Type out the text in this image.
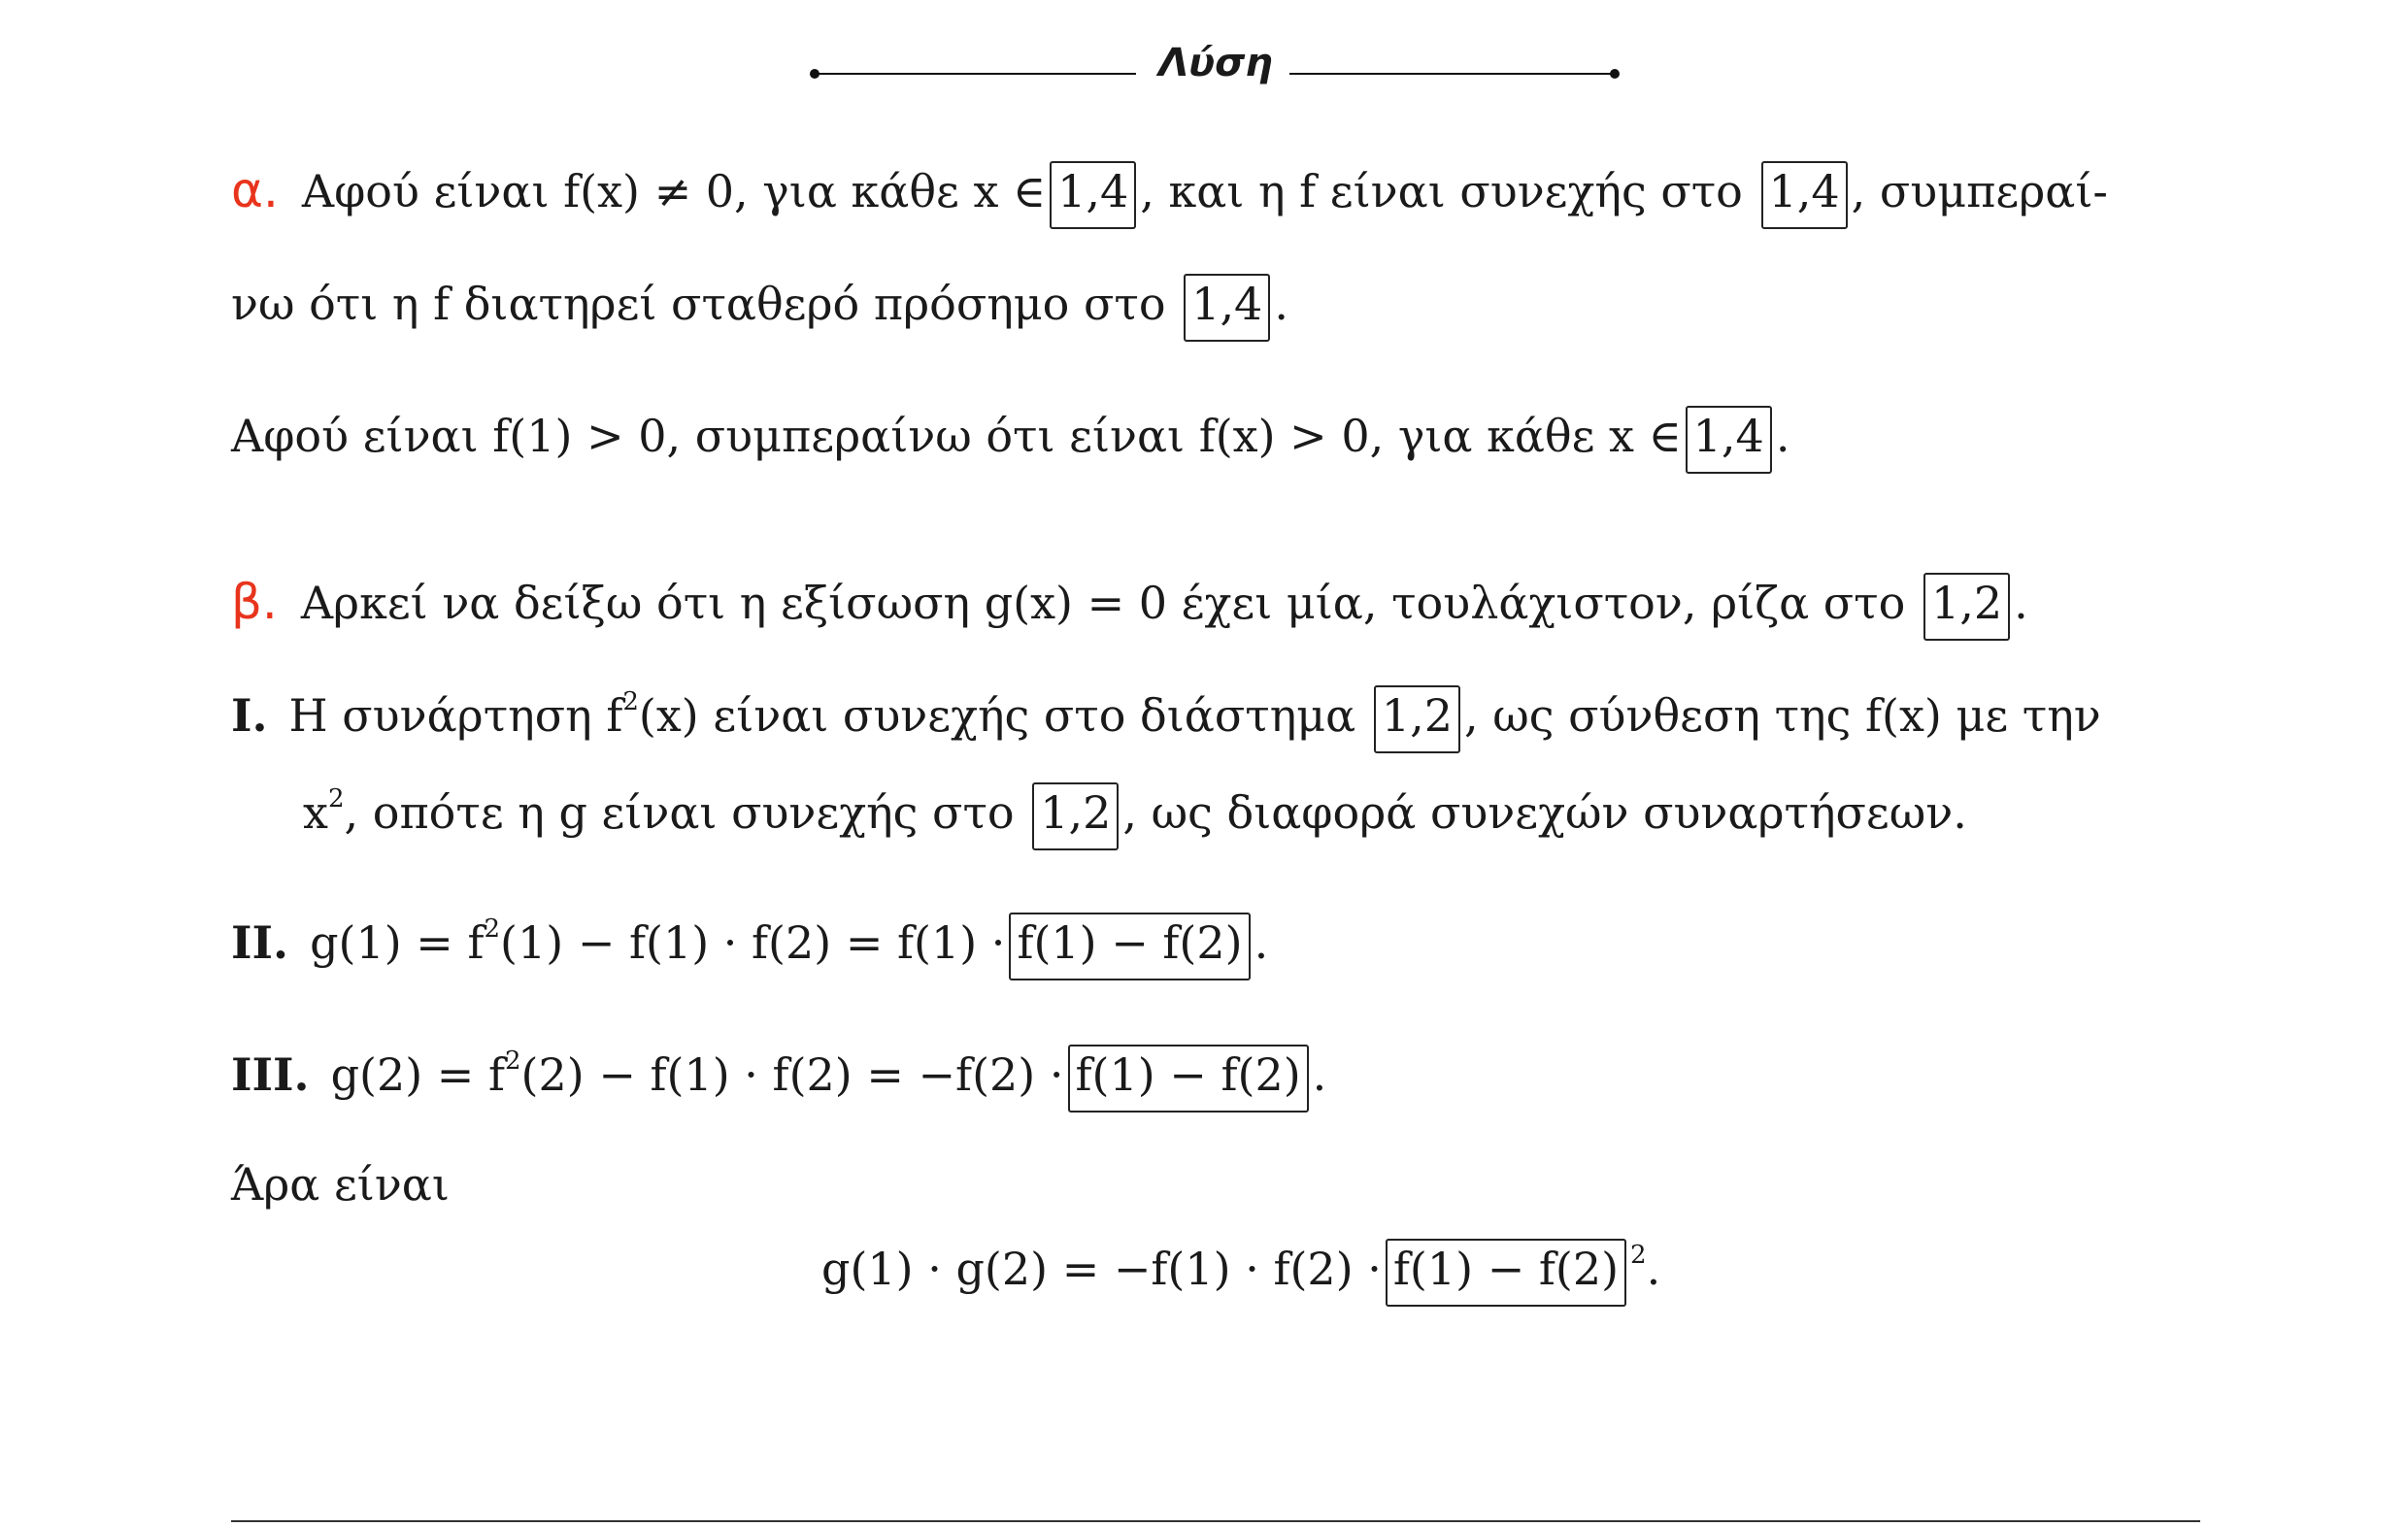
Λύση
α. Αφού είναι f(x) ≠ 0, για κάθε x ∈ 1,4 , και η f είναι συνεχής στο 1,4 , συμπεραί-
νω ότι η f διατηρεί σταθερό πρόσημο στο 1,4 .
Αφού είναι f(1) > 0, συμπεραίνω ότι είναι f(x) > 0, για κάθε x ∈ 1,4 .
β. Αρκεί να δείξω ότι η εξίσωση g(x) = 0 έχει μία, τουλάχιστον, ρίζα στο 1,2 .
Ι. Η συνάρτηση $f^2(x)$ είναι συνεχής στο διάστημα 1,2 , ως σύνθεση της f(x) με την
$x^2$, οπότε η g είναι συνεχής στο 1,2 , ως διαφορά συνεχών συναρτήσεων.
ΙΙ. $g(1) = f^2(1) - f(1) \cdot f(2) = f(1) \cdot f(1) - f(2)$ .
ΙΙΙ. $g(2) = f^2(2) - f(1) \cdot f(2) = -f(2) \cdot f(1) - f(2)$ .
Άρα είναι
g(1) · g(2) = −f(1) · f(2) · f(1) − f(2) $^2$.
